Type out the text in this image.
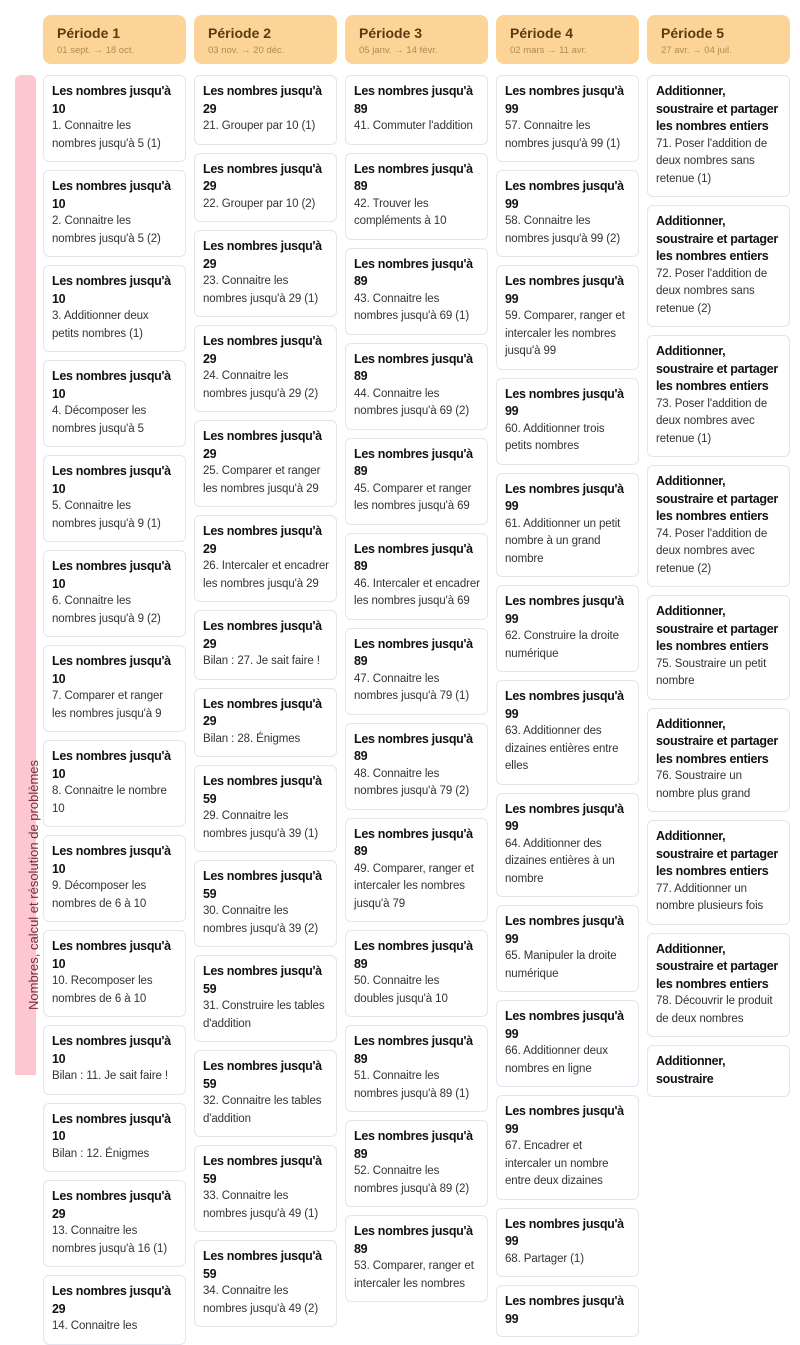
Période 1
01 sept. → 18 oct.
Période 2
03 nov. → 20 déc.
Période 3
05 janv. → 14 févr.
Période 4
02 mars → 11 avr.
Période 5
27 avr. → 04 juil.
Nombres, calcul et résolution de problèmes
Les nombres jusqu'à 10
1. Connaitre les nombres jusqu'à 5 (1)
Les nombres jusqu'à 10
2. Connaitre les nombres jusqu'à 5 (2)
Les nombres jusqu'à 10
3. Additionner deux petits nombres (1)
Les nombres jusqu'à 10
4. Décomposer les nombres jusqu'à 5
Les nombres jusqu'à 10
5. Connaitre les nombres jusqu'à 9 (1)
Les nombres jusqu'à 10
6. Connaitre les nombres jusqu'à 9 (2)
Les nombres jusqu'à 10
7. Comparer et ranger les nombres jusqu'à 9
Les nombres jusqu'à 10
8. Connaitre le nombre 10
Les nombres jusqu'à 10
9. Décomposer les nombres de 6 à 10
Les nombres jusqu'à 10
10. Recomposer les nombres de 6 à 10
Les nombres jusqu'à 10
Bilan : 11. Je sait faire !
Les nombres jusqu'à 10
Bilan : 12. Énigmes
Les nombres jusqu'à 29
13. Connaitre les nombres jusqu'à 16 (1)
Les nombres jusqu'à 29
14. Connaitre les
Les nombres jusqu'à 29
21. Grouper par 10 (1)
Les nombres jusqu'à 29
22. Grouper par 10 (2)
Les nombres jusqu'à 29
23. Connaitre les nombres jusqu'à 29 (1)
Les nombres jusqu'à 29
24. Connaitre les nombres jusqu'à 29 (2)
Les nombres jusqu'à 29
25. Comparer et ranger les nombres jusqu'à 29
Les nombres jusqu'à 29
26. Intercaler et encadrer les nombres jusqu'à 29
Les nombres jusqu'à 29
Bilan : 27. Je sait faire !
Les nombres jusqu'à 29
Bilan : 28. Énigmes
Les nombres jusqu'à 59
29. Connaitre les nombres jusqu'à 39 (1)
Les nombres jusqu'à 59
30. Connaitre les nombres jusqu'à 39 (2)
Les nombres jusqu'à 59
31. Construire les tables d'addition
Les nombres jusqu'à 59
32. Connaitre les tables d'addition
Les nombres jusqu'à 59
33. Connaitre les nombres jusqu'à 49 (1)
Les nombres jusqu'à 59
34. Connaitre les nombres jusqu'à 49 (2)
Les nombres jusqu'à 89
41. Commuter l'addition
Les nombres jusqu'à 89
42. Trouver les compléments à 10
Les nombres jusqu'à 89
43. Connaitre les nombres jusqu'à 69 (1)
Les nombres jusqu'à 89
44. Connaitre les nombres jusqu'à 69 (2)
Les nombres jusqu'à 89
45. Comparer et ranger les nombres jusqu'à 69
Les nombres jusqu'à 89
46. Intercaler et encadrer les nombres jusqu'à 69
Les nombres jusqu'à 89
47. Connaitre les nombres jusqu'à 79 (1)
Les nombres jusqu'à 89
48. Connaitre les nombres jusqu'à 79 (2)
Les nombres jusqu'à 89
49. Comparer, ranger et intercaler les nombres jusqu'à 79
Les nombres jusqu'à 89
50. Connaitre les doubles jusqu'à 10
Les nombres jusqu'à 89
51. Connaitre les nombres jusqu'à 89 (1)
Les nombres jusqu'à 89
52. Connaitre les nombres jusqu'à 89 (2)
Les nombres jusqu'à 89
53. Comparer, ranger et intercaler les nombres
Les nombres jusqu'à 99
57. Connaitre les nombres jusqu'à 99 (1)
Les nombres jusqu'à 99
58. Connaitre les nombres jusqu'à 99 (2)
Les nombres jusqu'à 99
59. Comparer, ranger et intercaler les nombres jusqu'à 99
Les nombres jusqu'à 99
60. Additionner trois petits nombres
Les nombres jusqu'à 99
61. Additionner un petit nombre à un grand nombre
Les nombres jusqu'à 99
62. Construire la droite numérique
Les nombres jusqu'à 99
63. Additionner des dizaines entières entre elles
Les nombres jusqu'à 99
64. Additionner des dizaines entières à un nombre
Les nombres jusqu'à 99
65. Manipuler la droite numérique
Les nombres jusqu'à 99
66. Additionner deux nombres en ligne
Les nombres jusqu'à 99
67. Encadrer et intercaler un nombre entre deux dizaines
Les nombres jusqu'à 99
68. Partager (1)
Les nombres jusqu'à 99
Additionner, soustraire et partager les nombres entiers
71. Poser l'addition de deux nombres sans retenue (1)
Additionner, soustraire et partager les nombres entiers
72. Poser l'addition de deux nombres sans retenue (2)
Additionner, soustraire et partager les nombres entiers
73. Poser l'addition de deux nombres avec retenue (1)
Additionner, soustraire et partager les nombres entiers
74. Poser l'addition de deux nombres avec retenue (2)
Additionner, soustraire et partager les nombres entiers
75. Soustraire un petit nombre
Additionner, soustraire et partager les nombres entiers
76. Soustraire un nombre plus grand
Additionner, soustraire et partager les nombres entiers
77. Additionner un nombre plusieurs fois
Additionner, soustraire et partager les nombres entiers
78. Découvrir le produit de deux nombres
Additionner, soustraire
